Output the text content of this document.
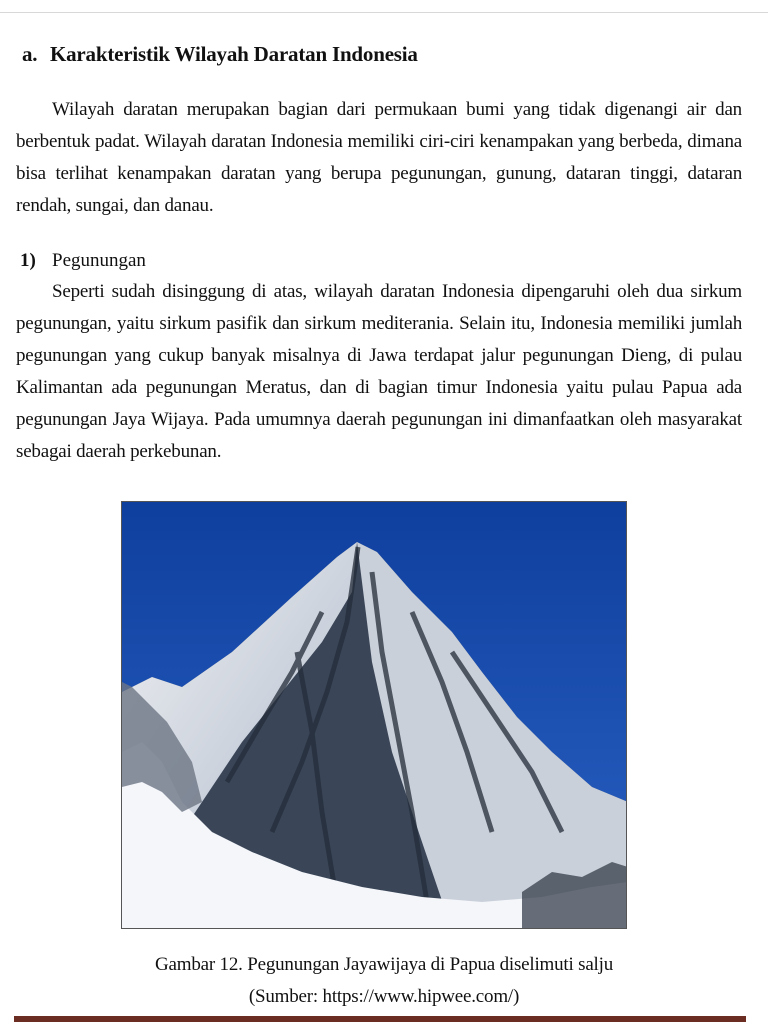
a. Karakteristik Wilayah Daratan Indonesia

Wilayah daratan merupakan bagian dari permukaan bumi yang tidak digenangi air dan berbentuk padat. Wilayah daratan Indonesia memiliki ciri-ciri kenampakan yang berbeda, dimana bisa terlihat kenampakan daratan yang berupa pegunungan, gunung, dataran tinggi, dataran rendah, sungai, dan danau.

1) Pegunungan

Seperti sudah disinggung di atas, wilayah daratan Indonesia dipengaruhi oleh dua sirkum pegunungan, yaitu sirkum pasifik dan sirkum mediterania. Selain itu, Indonesia memiliki jumlah pegunungan yang cukup banyak misalnya di Jawa terdapat jalur pegunungan Dieng, di pulau Kalimantan ada pegunungan Meratus, dan di bagian timur Indonesia yaitu pulau Papua ada pegunungan Jaya Wijaya. Pada umumnya daerah pegunungan ini dimanfaatkan oleh masyarakat sebagai daerah perkebunan.

Gambar 12. Pegunungan Jayawijaya di Papua diselimuti salju
(Sumber: https://www.hipwee.com/)
